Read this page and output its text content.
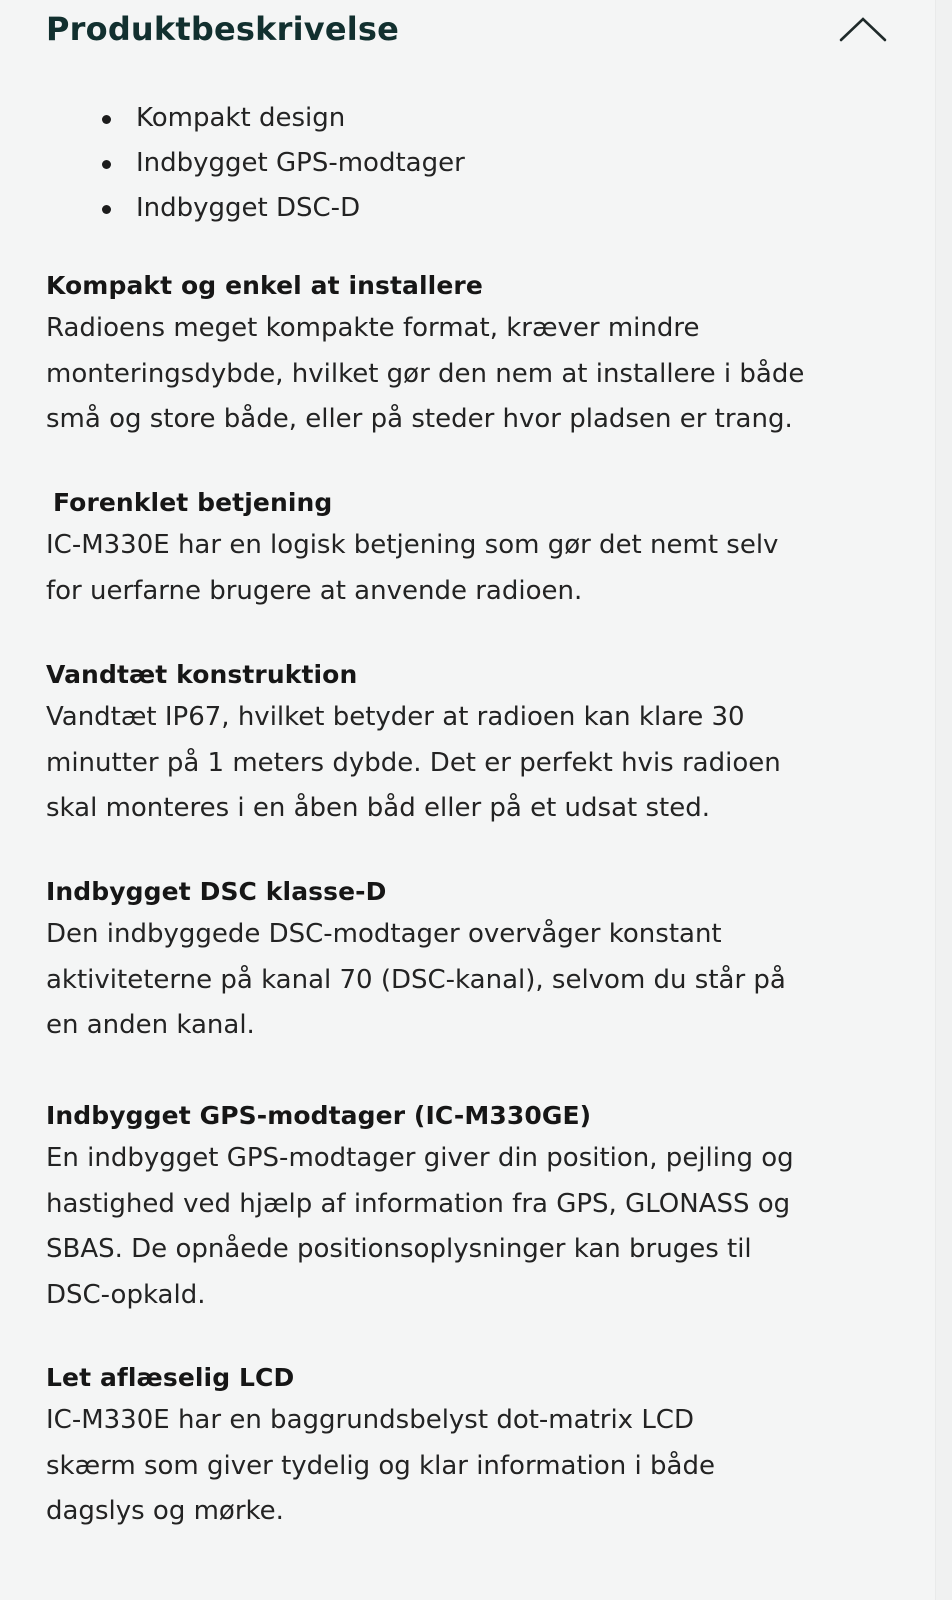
Produktbeskrivelse
Kompakt design
Indbygget GPS-modtager
Indbygget DSC-D
Kompakt og enkel at installere

Radioens meget kompakte format, kræver mindre
monteringsdybde, hvilket gør den nem at installere i både
små og store både, eller på steder hvor pladsen er trang.

Forenklet betjening

IC-M330E har en logisk betjening som gør det nemt selv
for uerfarne brugere at anvende radioen.

Vandtæt konstruktion

Vandtæt IP67, hvilket betyder at radioen kan klare 30
minutter på 1 meters dybde. Det er perfekt hvis radioen
skal monteres i en åben båd eller på et udsat sted.

Indbygget DSC klasse-D

Den indbyggede DSC-modtager overvåger konstant
aktiviteterne på kanal 70 (DSC-kanal), selvom du står på
en anden kanal.

Indbygget GPS-modtager (IC-M330GE)

En indbygget GPS-modtager giver din position, pejling og
hastighed ved hjælp af information fra GPS, GLONASS og
SBAS. De opnåede positionsoplysninger kan bruges til
DSC-opkald.

Let aflæselig LCD

IC-M330E har en baggrundsbelyst dot-matrix LCD
skærm som giver tydelig og klar information i både
dagslys og mørke.
